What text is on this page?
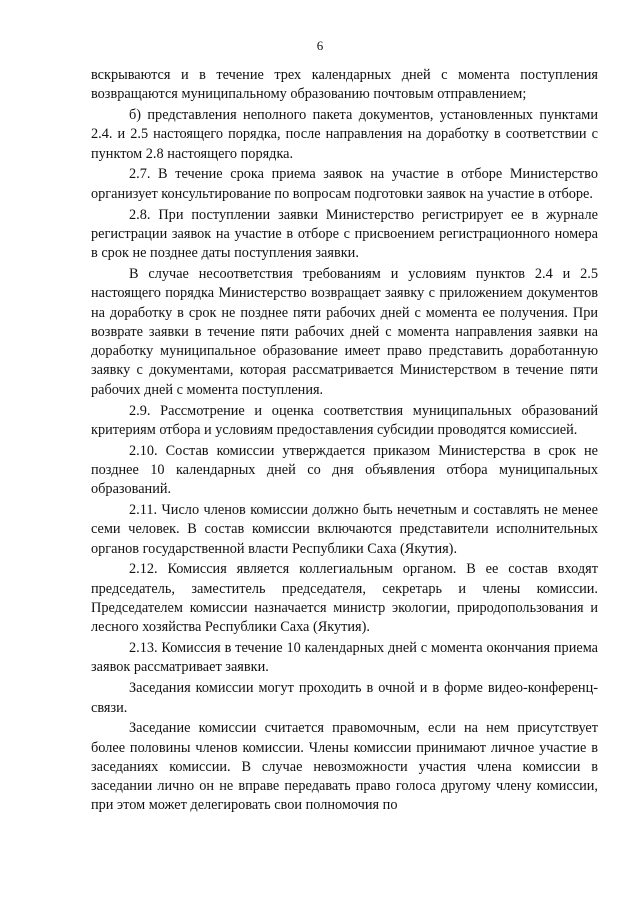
6

вскрываются и в течение трех календарных дней с момента поступления возвращаются муниципальному образованию почтовым отправлением;

б) представления неполного пакета документов, установленных пунктами 2.4. и 2.5 настоящего порядка, после направления на доработку в соответствии с пунктом 2.8 настоящего порядка.

2.7. В течение срока приема заявок на участие в отборе Министерство организует консультирование по вопросам подготовки заявок на участие в отборе.

2.8. При поступлении заявки Министерство регистрирует ее в журнале регистрации заявок на участие в отборе с присвоением регистрационного номера в срок не позднее даты поступления заявки.

В случае несоответствия требованиям и условиям пунктов 2.4 и 2.5 настоящего порядка Министерство возвращает заявку с приложением документов на доработку в срок не позднее пяти рабочих дней с момента ее получения. При возврате заявки в течение пяти рабочих дней с момента направления заявки на доработку муниципальное образование имеет право представить доработанную заявку с документами, которая рассматривается Министерством в течение пяти рабочих дней с момента поступления.

2.9. Рассмотрение и оценка соответствия муниципальных образований критериям отбора и условиям предоставления субсидии проводятся комиссией.

2.10. Состав комиссии утверждается приказом Министерства в срок не позднее 10 календарных дней со дня объявления отбора муниципальных образований.

2.11. Число членов комиссии должно быть нечетным и составлять не менее семи человек. В состав комиссии включаются представители исполнительных органов государственной власти Республики Саха (Якутия).

2.12. Комиссия является коллегиальным органом. В ее состав входят председатель, заместитель председателя, секретарь и члены комиссии. Председателем комиссии назначается министр экологии, природопользования и лесного хозяйства Республики Саха (Якутия).

2.13. Комиссия в течение 10 календарных дней с момента окончания приема заявок рассматривает заявки.

Заседания комиссии могут проходить в очной и в форме видео-конференц-связи.

Заседание комиссии считается правомочным, если на нем присутствует более половины членов комиссии. Члены комиссии принимают личное участие в заседаниях комиссии. В случае невозможности участия члена комиссии в заседании лично он не вправе передавать право голоса другому члену комиссии, при этом может делегировать свои полномочия по
